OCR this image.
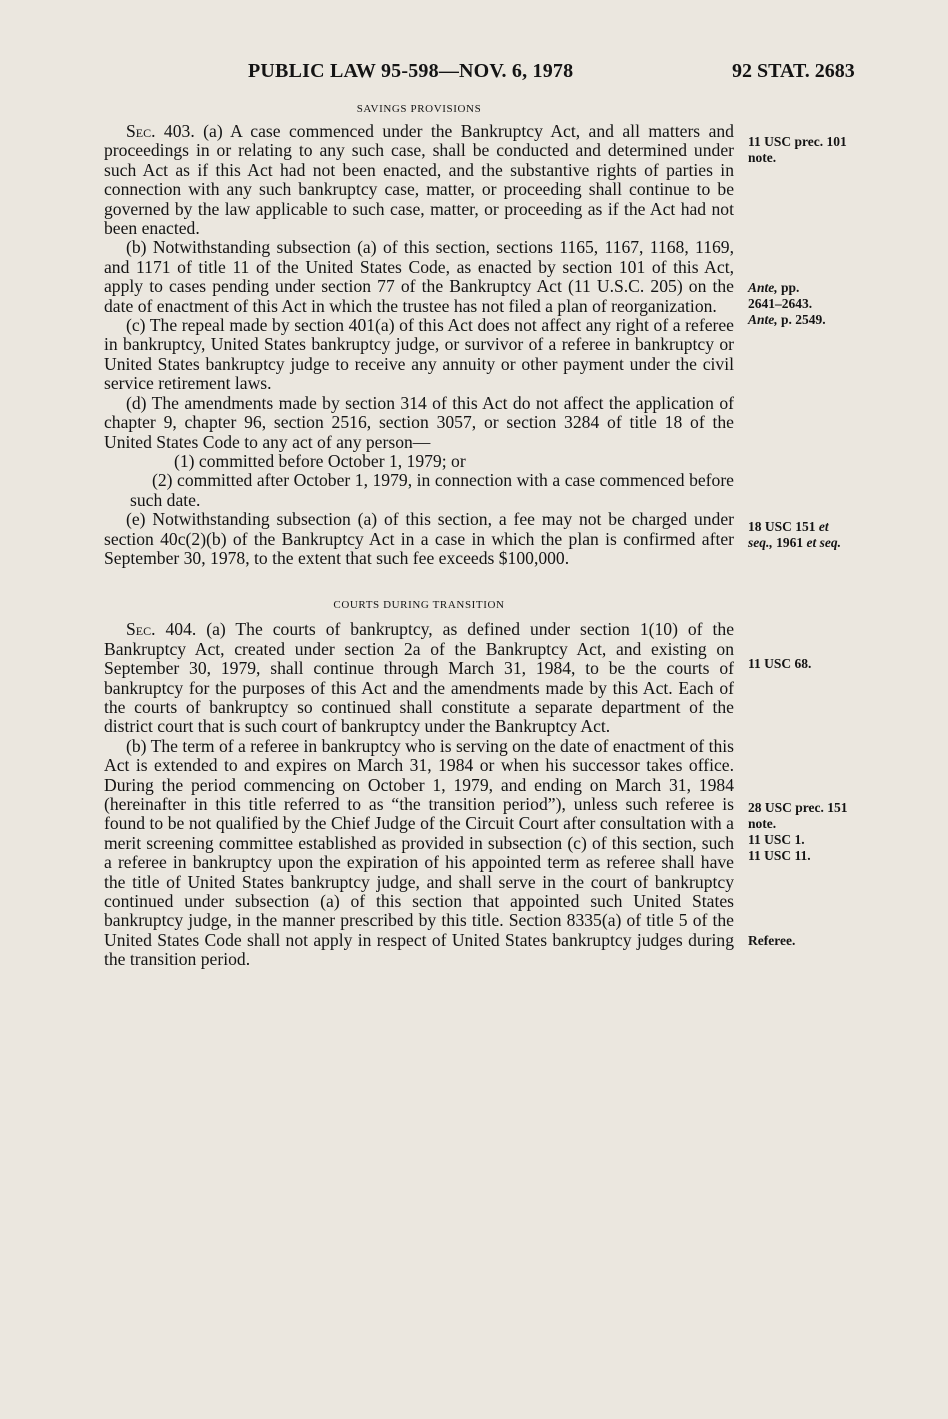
PUBLIC LAW 95-598—NOV. 6, 1978	92 STAT. 2683
SAVINGS PROVISIONS

Sec. 403. (a) A case commenced under the Bankruptcy Act, and all matters and proceedings in or relating to any such case, shall be conducted and determined under such Act as if this Act had not been enacted, and the substantive rights of parties in connection with any such bankruptcy case, matter, or proceeding shall continue to be governed by the law applicable to such case, matter, or proceeding as if the Act had not been enacted.

(b) Notwithstanding subsection (a) of this section, sections 1165, 1167, 1168, 1169, and 1171 of title 11 of the United States Code, as enacted by section 101 of this Act, apply to cases pending under section 77 of the Bankruptcy Act (11 U.S.C. 205) on the date of enactment of this Act in which the trustee has not filed a plan of reorganization.

(c) The repeal made by section 401(a) of this Act does not affect any right of a referee in bankruptcy, United States bankruptcy judge, or survivor of a referee in bankruptcy or United States bankruptcy judge to receive any annuity or other payment under the civil service retirement laws.

(d) The amendments made by section 314 of this Act do not affect the application of chapter 9, chapter 96, section 2516, section 3057, or section 3284 of title 18 of the United States Code to any act of any person—

(1) committed before October 1, 1979; or

(2) committed after October 1, 1979, in connection with a case commenced before such date.

(e) Notwithstanding subsection (a) of this section, a fee may not be charged under section 40c(2)(b) of the Bankruptcy Act in a case in which the plan is confirmed after September 30, 1978, to the extent that such fee exceeds $100,000.

COURTS DURING TRANSITION

Sec. 404. (a) The courts of bankruptcy, as defined under section 1(10) of the Bankruptcy Act, created under section 2a of the Bankruptcy Act, and existing on September 30, 1979, shall continue through March 31, 1984, to be the courts of bankruptcy for the purposes of this Act and the amendments made by this Act. Each of the courts of bankruptcy so continued shall constitute a separate department of the district court that is such court of bankruptcy under the Bankruptcy Act.

(b) The term of a referee in bankruptcy who is serving on the date of enactment of this Act is extended to and expires on March 31, 1984 or when his successor takes office. During the period commencing on October 1, 1979, and ending on March 31, 1984 (hereinafter in this title referred to as “the transition period”), unless such referee is found to be not qualified by the Chief Judge of the Circuit Court after consultation with a merit screening committee established as provided in subsection (c) of this section, such a referee in bankruptcy upon the expiration of his appointed term as referee shall have the title of United States bankruptcy judge, and shall serve in the court of bankruptcy continued under subsection (a) of this section that appointed such United States bankruptcy judge, in the manner prescribed by this title. Section 8335(a) of title 5 of the United States Code shall not apply in respect of United States bankruptcy judges during the transition period.

11 USC prec. 101
note.
Ante, pp.
2641–2643.
Ante, p. 2549.
18 USC 151 et
seq., 1961 et seq.
11 USC 68.
28 USC prec. 151
note.
11 USC 1.
11 USC 11.
Referee.
